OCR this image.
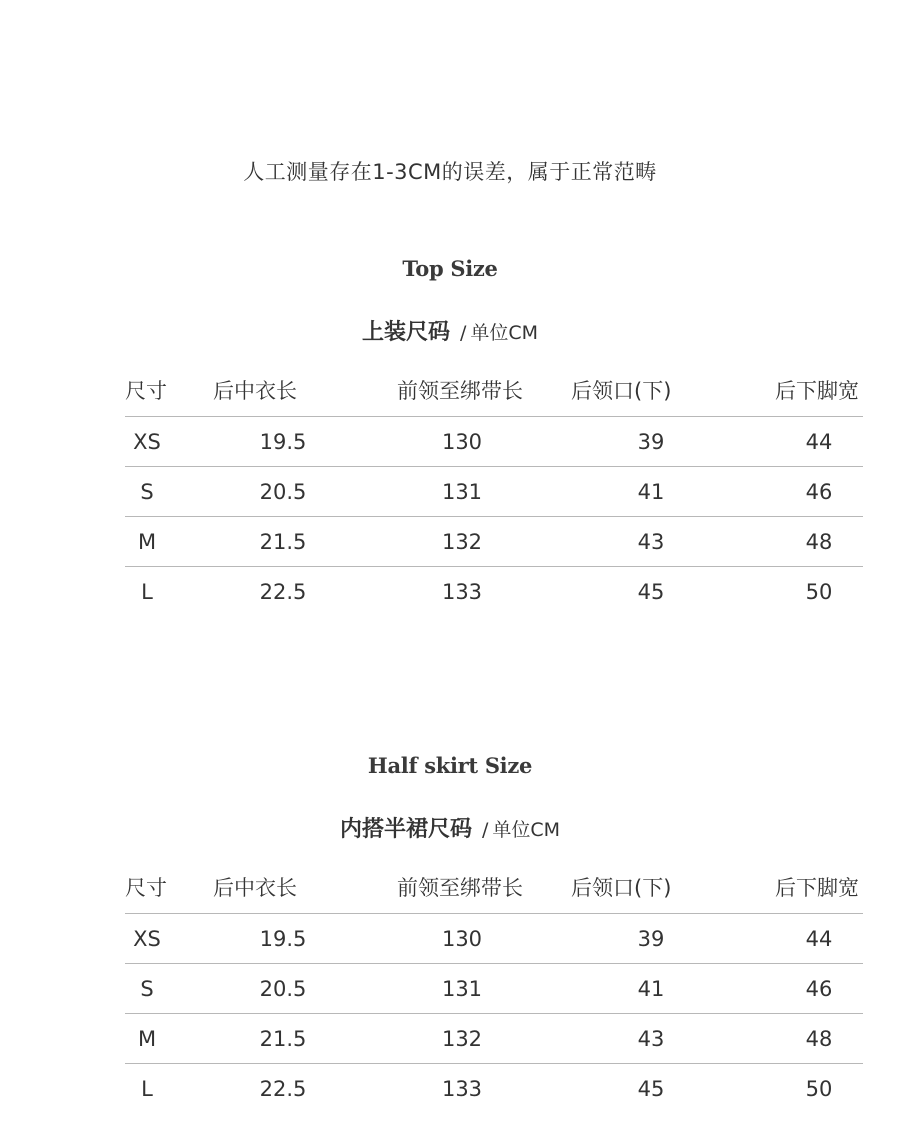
人工测量存在1-3CM的误差，属于正常范畴
Top Size
上装尺码 / 单位CM
尺寸	后中衣长	前领至绑带长	后领口(下)	后下脚宽
XS	19.5	130	39	44
S	20.5	131	41	46
M	21.5	132	43	48
L	22.5	133	45	50
Half skirt Size
内搭半裙尺码 / 单位CM
尺寸	后中衣长	前领至绑带长	后领口(下)	后下脚宽
XS	19.5	130	39	44
S	20.5	131	41	46
M	21.5	132	43	48
L	22.5	133	45	50
